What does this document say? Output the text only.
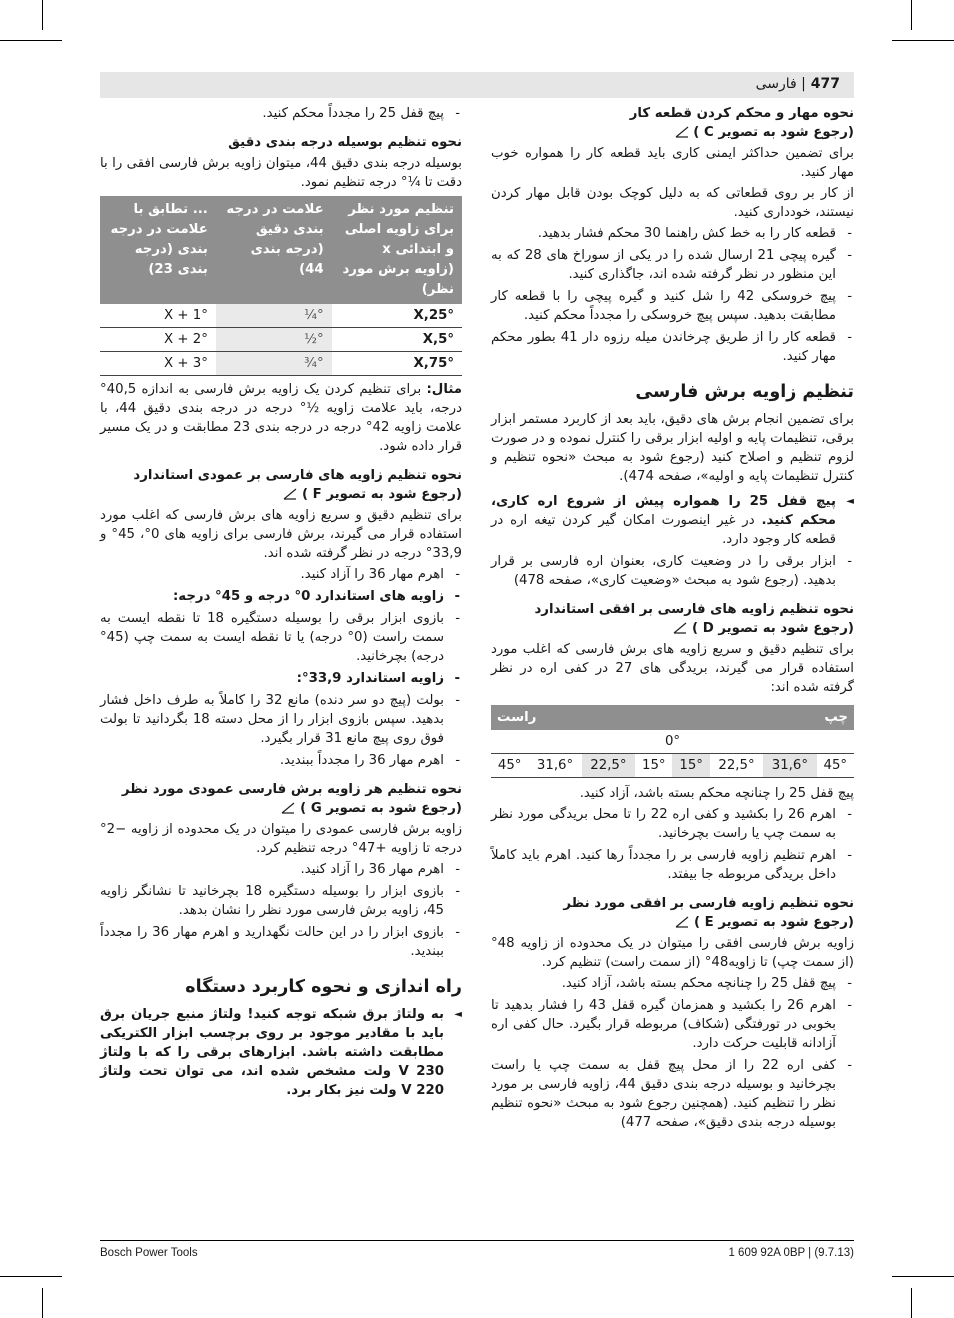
477 | فارسی
نحوه مهار و محکم کردن قطعه کار
(رجوع شود به تصویر C )

برای تضمین حداکثر ایمنی کاری باید قطعه کار را همواره خوب مهار کنید.

از کار بر روی قطعاتی که به دلیل کوچک بودن قابل مهار کردن نیستند، خودداری کنید.

- قطعه کار را به خط کش راهنما 30 محکم فشار بدهید.
- گیره پیچی 21 ارسال شده را در یکی از سوراخ های 28 که به این منظور در نظر گرفته شده اند، جاگذاری کنید.
- پیچ خروسکی 42 را شل کنید و گیره پیچی را با قطعه کار مطابقت بدهید. سپس پیچ خروسکی را مجدداً محکم کنید.
- قطعه کار را از طریق چرخاندن میله رزوه دار 41 بطور محکم مهار کنید.
تنظیم زاویه برش فارسی

برای تضمین انجام برش های دقیق، باید بعد از کاربرد مستمر ابزار برقی، تنظیمات پایه و اولیه ابزار برقی را کنترل نموده و در صورت لزوم تنظیم و اصلاح کنید (رجوع شود به مبحث «نحوه تنظیم و کنترل تنظیمات پایه و اولیه»، صفحه 474).

◄ پیچ قفل 25 را همواره پیش از شروع اره کاری، محکم کنید. در غیر اینصورت امکان گیر کردن تیغه اره در قطعه کار وجود دارد.
- ابزار برقی را در وضعیت کاری، بعنوان اره فارسی بر قرار بدهید. (رجوع شود به مبحث «وضعیت کاری»، صفحه 478)
نحوه تنظیم زاویه های فارسی بر افقی استاندارد
(رجوع شود به تصویر D )

برای تنظیم دقیق و سریع زاویه های برش فارسی که اغلب مورد استفاده قرار می گیرند، بریدگی های 27 در کفی اره در نظر گرفته شده اند:

راست				چپ			
0°							
45°	31,6°	22,5°	15°	15°	22,5°	31,6°	45°

پیچ قفل 25 را چنانچه محکم بسته باشد، آزاد کنید.

- اهرم 26 را بکشید و کفی اره 22 را تا محل بریدگی مورد نظر به سمت چپ یا راست بچرخانید.
- اهرم تنظیم زاویه فارسی بر را مجدداً رها کنید. اهرم باید کاملاً داخل بریدگی مربوطه جا بیفتد.
نحوه تنظیم زاویه فارسی بر افقی مورد نظر
(رجوع شود به تصویر E )

زاویه برش فارسی افقی را میتوان در یک محدوده از زاویه 48° (از سمت چپ) تا زاویه48° (از سمت راست) تنظیم کرد.

- پیچ قفل 25 را چنانچه محکم بسته باشد، آزاد کنید.
- اهرم 26 را بکشید و همزمان گیره قفل 43 را فشار بدهید تا بخوبی در تورفتگی (شکاف) مربوطه قرار بگیرد. حال کفی اره آزادانه قابلیت حرکت دارد.
- کفی اره 22 را از محل پیچ قفل به سمت چپ یا راست بچرخانید و بوسیله درجه بندی دقیق 44، زاویه فارسی بر مورد نظر را تنظیم کنید. (همچنین رجوع شود به مبحث «نحوه تنظیم بوسیله درجه بندی دقیق»، صفحه 477)
- پیچ قفل 25 را مجدداً محکم کنید.
نحوه تنظیم بوسیله درجه بندی دقیق

بوسیله درجه بندی دقیق 44، میتوان زاویه برش فارسی افقی را با دقت تا ¼° درجه تنظیم نمود.

تنظیم مورد نظر برای زاویه اصلی و ابتدائی x (زاویه برش مورد نظر)	علامت در درجه بندی دقیق (درجه بندی 44)	... تطابق با علامت در درجه بندی (درجه بندی 23)
X,25°	¼°	X + 1°
X,5°	½°	X + 2°
X,75°	¾°	X + 3°

مثال: برای تنظیم کردن یک زاویه برش فارسی به اندازه 40,5° درجه، باید علامت زاویه ½° درجه در درجه بندی دقیق 44، با علامت زاویه 42° درجه در درجه بندی 23 مطابقت و در یک مسیر قرار داده شود.

نحوه تنظیم زاویه های فارسی بر عمودی استاندارد
(رجوع شود به تصویر F )

برای تنظیم دقیق و سریع زاویه های برش فارسی که اغلب مورد استفاده قرار می گیرند، برش فارسی برای زاویه های 0°، 45° و 33,9° درجه در نظر گرفته شده اند.

- اهرم مهار 36 را آزاد کنید.
- زاویه های استاندارد 0° درجه و 45° درجه:
- بازوی ابزار برقی را بوسیله دستگیره 18 تا نقطه ایست به سمت راست (0° درجه) یا تا نقطه ایست به سمت چپ (45° درجه) بچرخانید.
- زاویه استاندارد 33,9°:
- بولت (پیچ دو سر دنده) مانع 32 را کاملاً به طرف داخل فشار بدهید. سپس بازوی ابزار را از محل دسته 18 بگردانید تا بولت فوق روی پیچ مانع 31 قرار بگیرد.
- اهرم مهار 36 را مجدداً ببندید.
نحوه تنظیم هر زاویه برش فارسی عمودی مورد نظر
(رجوع شود به تصویر G )

زاویه برش فارسی عمودی را میتوان در یک محدوده از زاویه −2° درجه تا زاویه +47° درجه تنظیم کرد.

- اهرم مهار 36 را آزاد کنید.
- بازوی ابزار را بوسیله دستگیره 18 بچرخانید تا نشانگر زاویه 45، زاویه برش فارسی مورد نظر را نشان بدهد.
- بازوی ابزار را در این حالت نگهدارید و اهرم مهار 36 را مجدداً ببندید.
راه اندازی و نحوه کاربرد دستگاه
◄ به ولتاژ برق شبکه توجه کنید! ولتاژ منبع جریان برق باید با مقادیر موجود بر روی برچسب ابزار الکتریکی مطابقت داشته باشد. ابزارهای برقی را که با ولتاژ 230 V ولت مشخص شده اند، می توان تحت ولتاژ 220 V ولت نیز بکار برد.
Bosch Power Tools	1 609 92A 0BP | (9.7.13)
